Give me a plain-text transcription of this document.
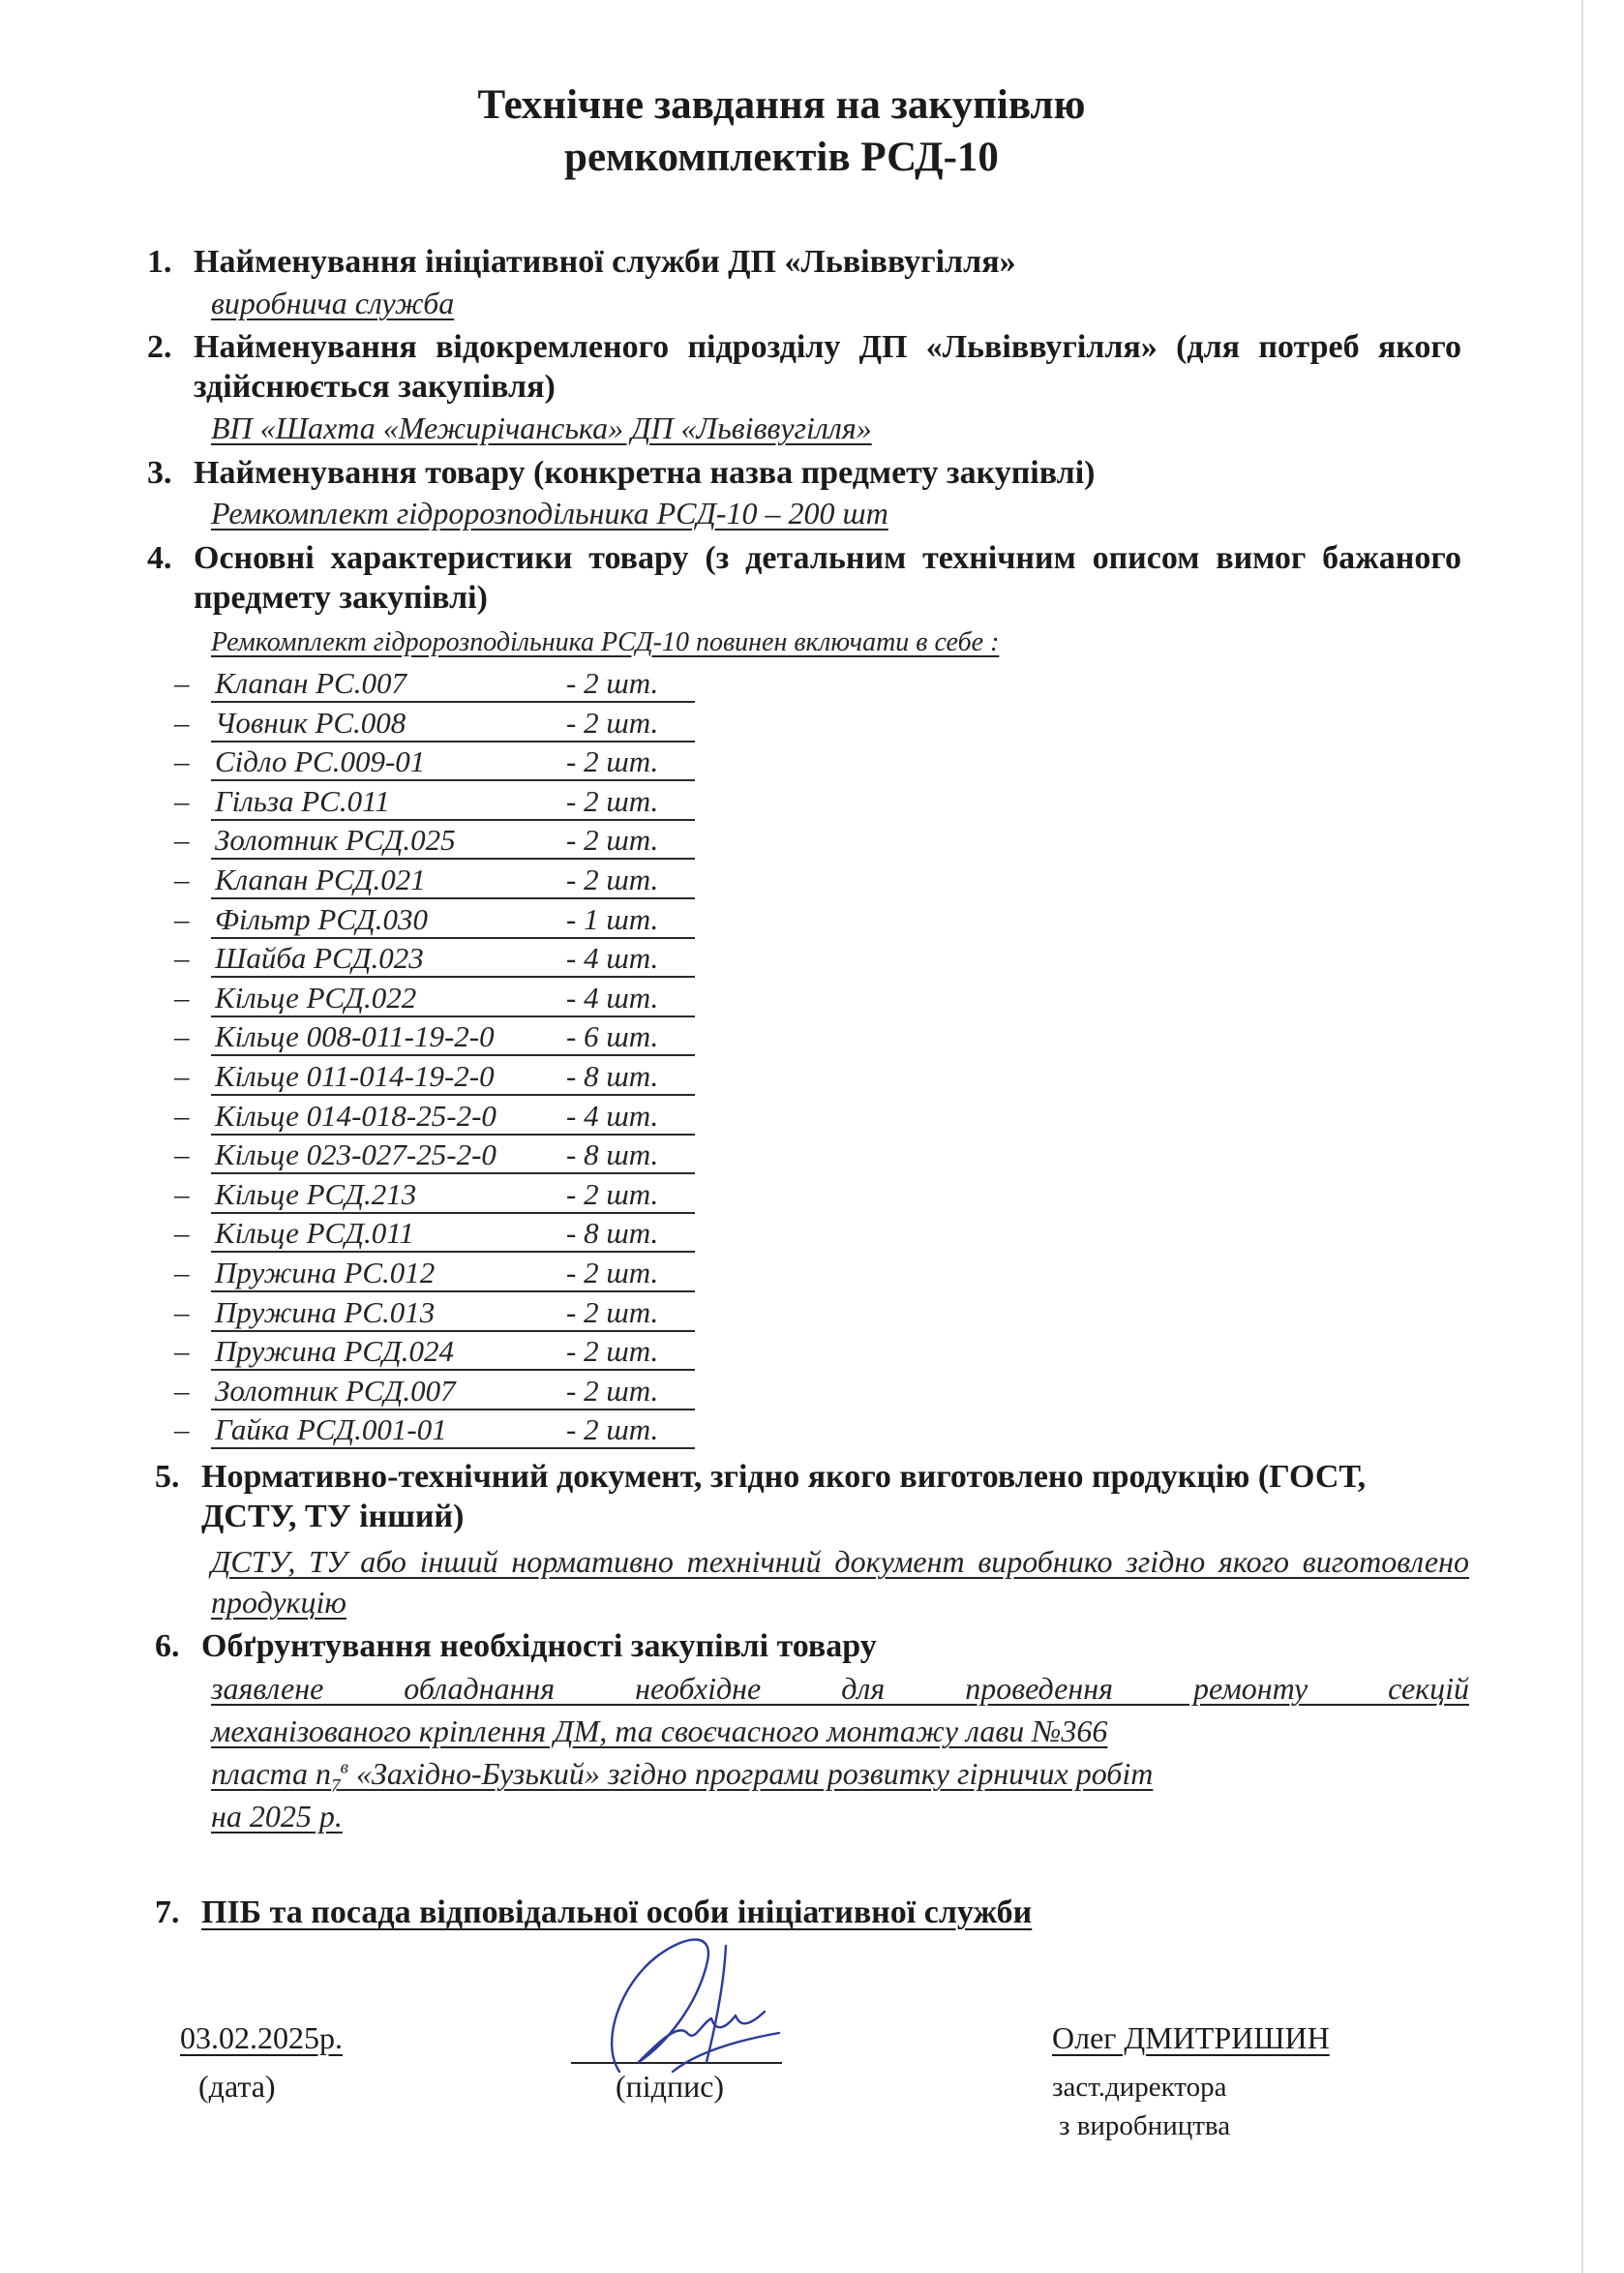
Технічне завдання на закупівлю
ремкомплектів РСД-10
1. Найменування ініціативної служби ДП «Львіввугілля»
виробнича служба
2. Найменування відокремленого підрозділу ДП «Львіввугілля» (для потреб якого здійснюється закупівля)
ВП «Шахта «Межирічанська» ДП «Львіввугілля»
3. Найменування товару (конкретна назва предмету закупівлі)
Ремкомплект гідророзподільника РСД-10 – 200 шт
4. Основні характеристики товару (з детальним технічним описом вимог бажаного предмету закупівлі)
Ремкомплект гідророзподільника РСД-10 повинен включати в себе :
– Клапан РС.007	- 2 шт.
– Човник РС.008	- 2 шт.
– Сідло РС.009-01	- 2 шт.
– Гільза РС.011	- 2 шт.
– Золотник РСД.025	- 2 шт.
– Клапан РСД.021	- 2 шт.
– Фільтр РСД.030	- 1 шт.
– Шайба РСД.023	- 4 шт.
– Кільце РСД.022	- 4 шт.
– Кільце 008-011-19-2-0 - 6 шт.
– Кільце 011-014-19-2-0 - 8 шт.
– Кільце 014-018-25-2-0 - 4 шт.
– Кільце 023-027-25-2-0 - 8 шт.
– Кільце РСД.213	- 2 шт.
– Кільце РСД.011	- 8 шт.
– Пружина РС.012	- 2 шт.
– Пружина РС.013	- 2 шт.
– Пружина РСД.024	- 2 шт.
– Золотник РСД.007	- 2 шт.
– Гайка РСД.001-01	- 2 шт.
5. Нормативно-технічний документ, згідно якого виготовлено продукцію (ГОСТ, ДСТУ, ТУ інший)
ДСТУ, ТУ або інший нормативно технічний документ виробнико згідно якого виготовлено продукцію
6. Обґрунтування необхідності закупівлі товару
заявлене обладнання необхідне для проведення ремонту секцій
механізованого кріплення ДМ, та своєчасного монтажу лави №366
пласта $n_7^в$ «Західно-Бузький» згідно програми розвитку гірничих робіт
на 2025 р.
7. ПІБ та посада відповідальної особи ініціативної служби
03.02.2025р.
(дата)	(підпис)
Олег ДМИТРИШИН
заст.директора
з виробництва
